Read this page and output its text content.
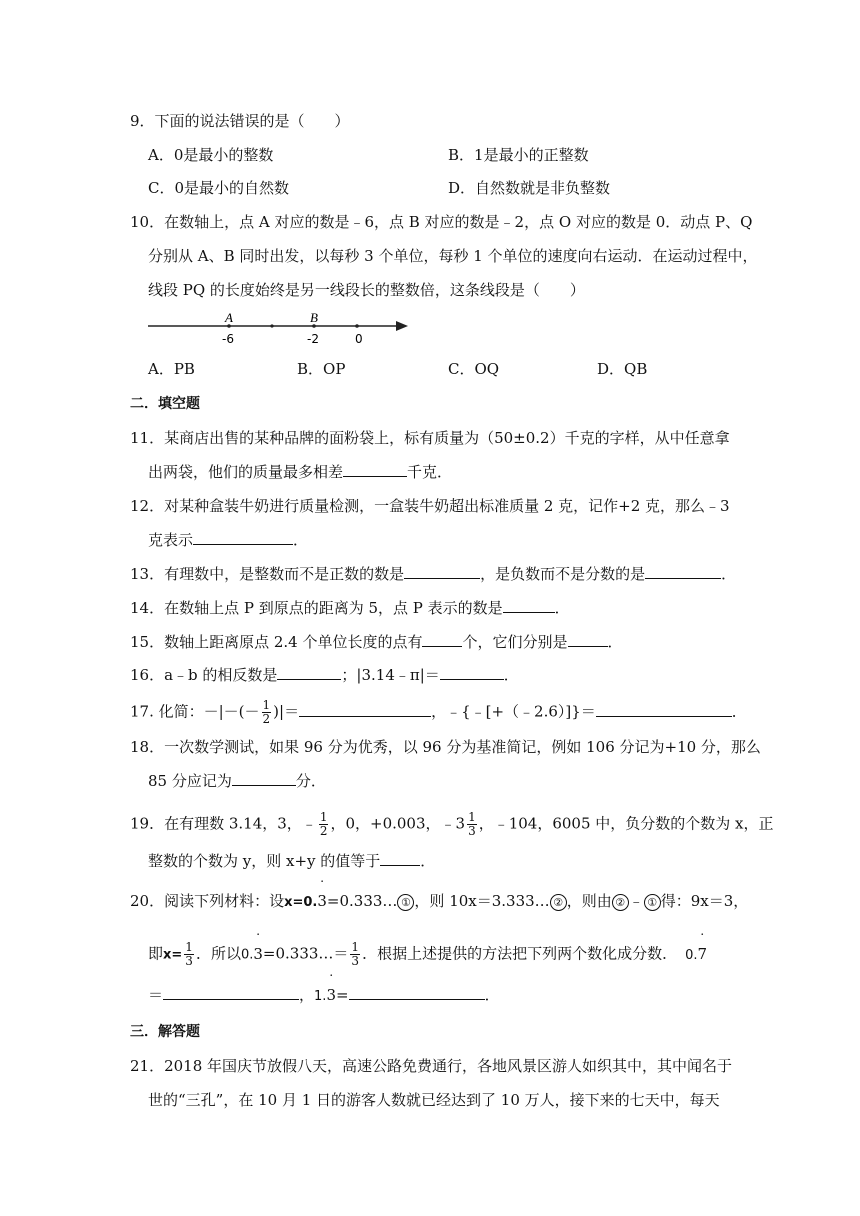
9．下面的说法错误的是（　　）
A．0是最小的整数	B．1是最小的正整数
C．0是最小的自然数	D．自然数就是非负整数
10．在数轴上，点 A 对应的数是﹣6，点 B 对应的数是﹣2，点 O 对应的数是 0．动点 P、Q
分别从 A、B 同时出发，以每秒 3 个单位，每秒 1 个单位的速度向右运动．在运动过程中，
线段 PQ 的长度始终是另一线段长的整数倍，这条线段是（　　）
A	B
-6	-2	0
A．PB	B．OP	C．OQ	D．QB
二．填空题
11．某商店出售的某种品牌的面粉袋上，标有质量为（50±0.2）千克的字样，从中任意拿
出两袋，他们的质量最多相差	千克．
12．对某种盒装牛奶进行质量检测，一盒装牛奶超出标准质量 2 克，记作+2 克，那么﹣3
克表示	．
13．有理数中，是整数而不是正数的数是	，是负数而不是分数的是	．
14．在数轴上点 P 到原点的距离为 5，点 P 表示的数是	．
15．数轴上距离原点 2.4 个单位长度的点有	个，它们分别是	．
16．a﹣b 的相反数是	；|3.14﹣π|＝	．
17. 化简：－|－(－ $\frac{1}{2}$ )|＝	，﹣{﹣[+（﹣2.6）]}＝	．
18．一次数学测试，如果 96 分为优秀，以 96 分为基准简记，例如 106 分记为+10 分，那么
85 分应记为	分．
19．在有理数 3.14，3，﹣ $\frac{1}{2}$ ，0，+0.003，﹣3 $\frac{1}{3}$ ，﹣104，6005 中，负分数的个数为 x，正
整数的个数为 y，则 x+y 的值等于	．
20．阅读下列材料：设x=0.
˙
3=0.333… ① ，则 10x＝3.333… ② ，则由 ② ﹣ ① 得：9x＝3，
即$x= \frac{1}{3}$ ．所以0.
˙
3=0.333…＝ $\frac{1}{3}$ ．根据上述提供的方法把下列两个数化成分数． 0.
˙
7
＝	，1.
˙
3=	．
三．解答题
21．2018 年国庆节放假八天，高速公路免费通行，各地风景区游人如织其中，其中闻名于
世的“三孔”，在 10 月 1 日的游客人数就已经达到了 10 万人，接下来的七天中，每天
